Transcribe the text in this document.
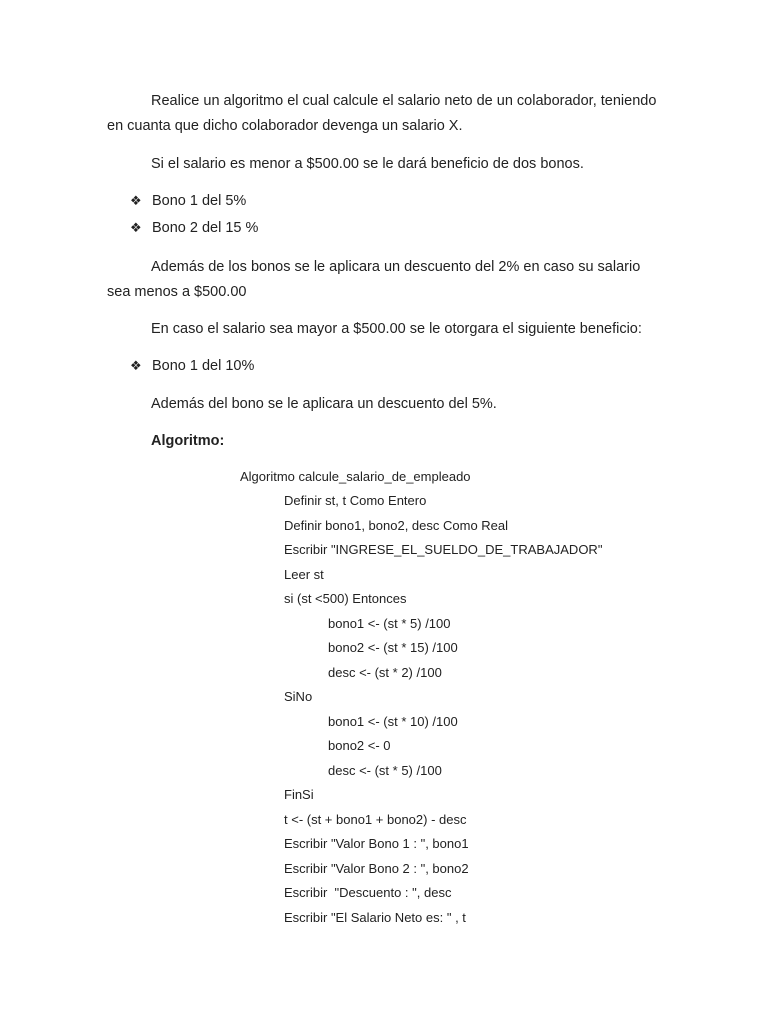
Realice un algoritmo el cual calcule el salario neto de un colaborador, teniendo en cuanta que dicho colaborador devenga un salario X.

Si el salario es menor a $500.00 se le dará beneficio de dos bonos.

❖ Bono 1 del 5%
❖ Bono 2 del 15 %

Además de los bonos se le aplicara un descuento del 2% en caso su salario sea menos a $500.00

En caso el salario sea mayor a $500.00 se le otorgara el siguiente beneficio:

❖ Bono 1 del 10%

Además del bono se le aplicara un descuento del 5%.

Algoritmo:
Algoritmo calcule_salario_de_empleado
Definir st, t Como Entero
Definir bono1, bono2, desc Como Real
Escribir "INGRESE_EL_SUELDO_DE_TRABAJADOR"
Leer st
si (st <500) Entonces
bono1 <- (st * 5) /100
bono2 <- (st * 15) /100
desc <- (st * 2) /100
SiNo
bono1 <- (st * 10) /100
bono2 <- 0
desc <- (st * 5) /100
FinSi
t <- (st + bono1 + bono2) - desc
Escribir "Valor Bono 1 : ", bono1
Escribir "Valor Bono 2 : ", bono2
Escribir  "Descuento : ", desc
Escribir "El Salario Neto es: " , t
